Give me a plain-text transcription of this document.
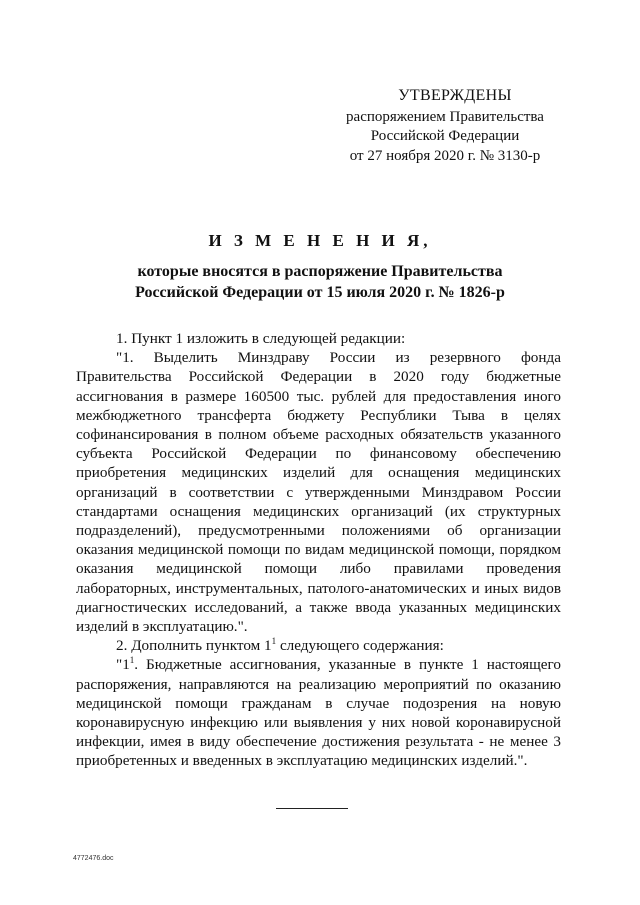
УТВЕРЖДЕНЫ
распоряжением Правительства
Российской Федерации
от 27 ноября 2020 г. № 3130-р
И З М Е Н Е Н И Я,
которые вносятся в распоряжение Правительства
Российской Федерации от 15 июля 2020 г. № 1826-р

1. Пункт 1 изложить в следующей редакции:

"1. Выделить Минздраву России из резервного фонда Правительства Российской Федерации в 2020 году бюджетные ассигнования в размере 160500 тыс. рублей для предоставления иного межбюджетного трансферта бюджету Республики Тыва в целях софинансирования в полном объеме расходных обязательств указанного субъекта Российской Федерации по финансовому обеспечению приобретения медицинских изделий для оснащения медицинских организаций в соответствии с утвержденными Минздравом России стандартами оснащения медицинских организаций (их структурных подразделений), предусмотренными положениями об организации оказания медицинской помощи по видам медицинской помощи, порядком оказания медицинской помощи либо правилами проведения лабораторных, инструментальных, патолого-анатомических и иных видов диагностических исследований, а также ввода указанных медицинских изделий в эксплуатацию.".

2. Дополнить пунктом $1^1$ следующего содержания:

"$1^1$. Бюджетные ассигнования, указанные в пункте 1 настоящего распоряжения, направляются на реализацию мероприятий по оказанию медицинской помощи гражданам в случае подозрения на новую коронавирусную инфекцию или выявления у них новой коронавирусной инфекции, имея в виду обеспечение достижения результата - не менее 3 приобретенных и введенных в эксплуатацию медицинских изделий.".

4772476.doc
